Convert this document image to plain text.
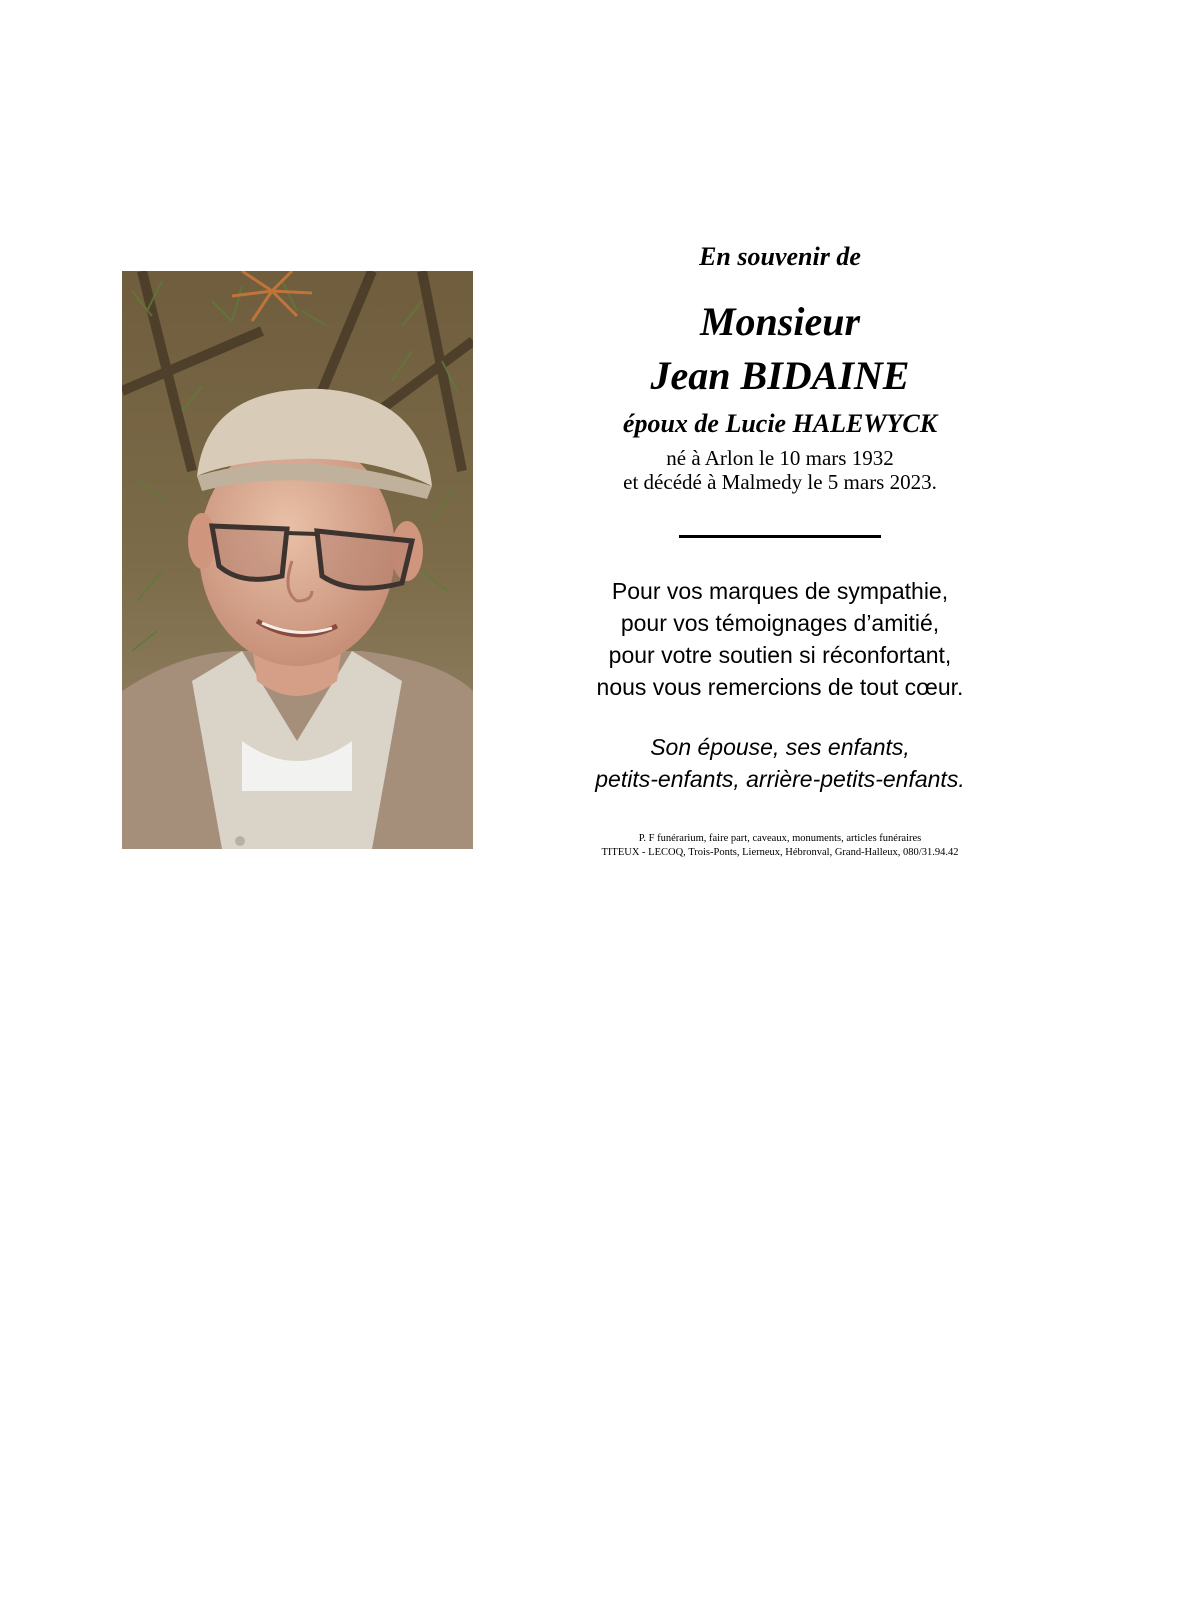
En souvenir de

Monsieur

Jean BIDAINE

époux de Lucie HALEWYCK

né à Arlon le 10 mars 1932
et décédé à Malmedy le 5 mars 2023.

Pour vos marques de sympathie,
pour vos témoignages d’amitié,
pour votre soutien si réconfortant,
nous vous remercions de tout cœur.

Son épouse, ses enfants,
petits-enfants, arrière-petits-enfants.

P. F funérarium, faire part, caveaux, monuments, articles funéraires
TITEUX - LECOQ, Trois-Ponts, Lierneux, Hébronval, Grand-Halleux, 080/31.94.42
